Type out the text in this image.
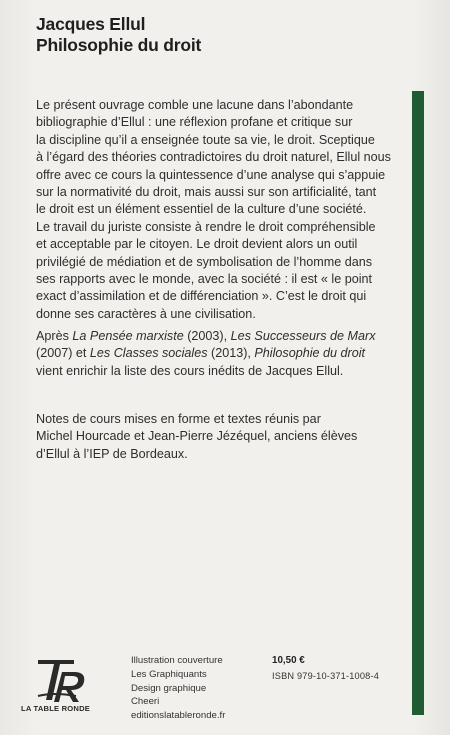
Jacques Ellul
Philosophie du droit
Le présent ouvrage comble une lacune dans l’abondante
bibliographie d’Ellul : une réflexion profane et critique sur
la discipline qu’il a enseignée toute sa vie, le droit. Sceptique
à l’égard des théories contradictoires du droit naturel, Ellul nous
offre avec ce cours la quintessence d’une analyse qui s’appuie
sur la normativité du droit, mais aussi sur son artificialité, tant
le droit est un élément essentiel de la culture d’une société.
Le travail du juriste consiste à rendre le droit compréhensible
et acceptable par le citoyen. Le droit devient alors un outil
privilégié de médiation et de symbolisation de l’homme dans
ses rapports avec le monde, avec la société : il est « le point
exact d’assimilation et de différenciation ». C’est le droit qui
donne ses caractères à une civilisation.
Après La Pensée marxiste (2003), Les Successeurs de Marx
(2007) et Les Classes sociales (2013), Philosophie du droit
vient enrichir la liste des cours inédits de Jacques Ellul.
Notes de cours mises en forme et textes réunis par
Michel Hourcade et Jean-Pierre Jézéquel, anciens élèves
d’Ellul à l’IEP de Bordeaux.
LA TABLE RONDE
Illustration couverture
Les Graphiquants
Design graphique
Cheeri
editionslatableronde.fr
10,50 €
ISBN 979-10-371-1008-4
